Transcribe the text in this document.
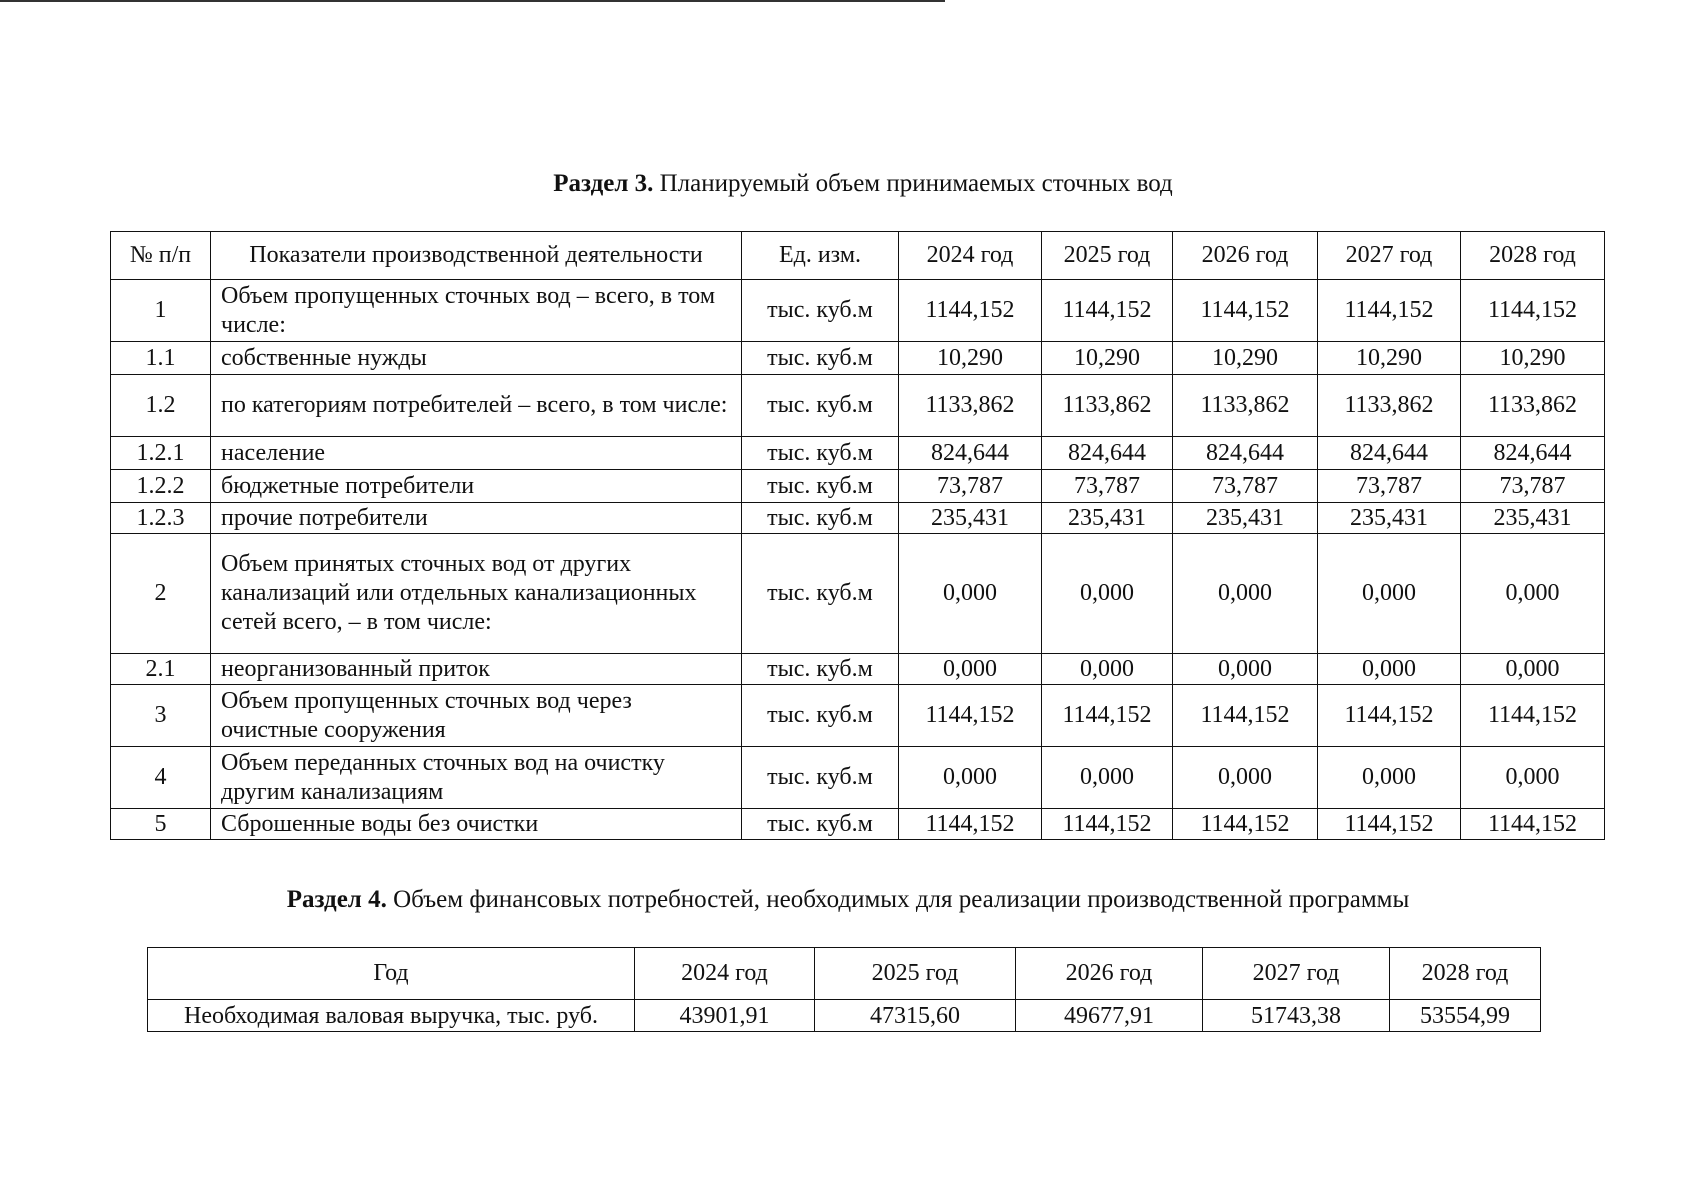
Раздел 3. Планируемый объем принимаемых сточных вод
№ п/п	Показатели производственной деятельности	Ед. изм.	2024 год	2025 год	2026 год	2027 год	2028 год
1	Объем пропущенных сточных вод – всего, в том числе:	тыс. куб.м	1144,152	1144,152	1144,152	1144,152	1144,152
1.1	собственные нужды	тыс. куб.м	10,290	10,290	10,290	10,290	10,290
1.2	по категориям потребителей – всего, в том числе:	тыс. куб.м	1133,862	1133,862	1133,862	1133,862	1133,862
1.2.1	население	тыс. куб.м	824,644	824,644	824,644	824,644	824,644
1.2.2	бюджетные потребители	тыс. куб.м	73,787	73,787	73,787	73,787	73,787
1.2.3	прочие потребители	тыс. куб.м	235,431	235,431	235,431	235,431	235,431
2	Объем принятых сточных вод от других канализаций или отдельных канализационных сетей всего, – в том числе:	тыс. куб.м	0,000	0,000	0,000	0,000	0,000
2.1	неорганизованный приток	тыс. куб.м	0,000	0,000	0,000	0,000	0,000
3	Объем пропущенных сточных вод через очистные сооружения	тыс. куб.м	1144,152	1144,152	1144,152	1144,152	1144,152
4	Объем переданных сточных вод на очистку другим канализациям	тыс. куб.м	0,000	0,000	0,000	0,000	0,000
5	Сброшенные воды без очистки	тыс. куб.м	1144,152	1144,152	1144,152	1144,152	1144,152
Раздел 4. Объем финансовых потребностей, необходимых для реализации производственной программы
Год	2024 год	2025 год	2026 год	2027 год	2028 год
Необходимая валовая выручка, тыс. руб.	43901,91	47315,60	49677,91	51743,38	53554,99
